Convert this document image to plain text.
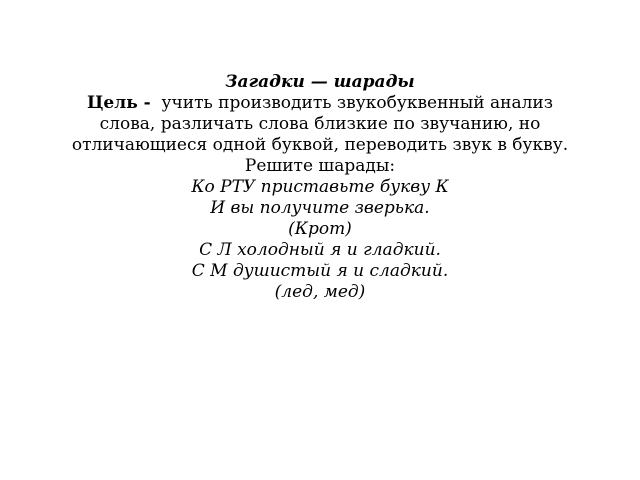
Загадки — шарады
Цель - учить производить звукобуквенный анализ
слова, различать слова близкие по звучанию, но
отличающиеся одной буквой, переводить звук в букву.
Решите шарады:
Ко РТУ приставьте букву К
И вы получите зверька.
(Крот)
С Л холодный я и гладкий.
С М душистый я и сладкий.
(лед, мед)
